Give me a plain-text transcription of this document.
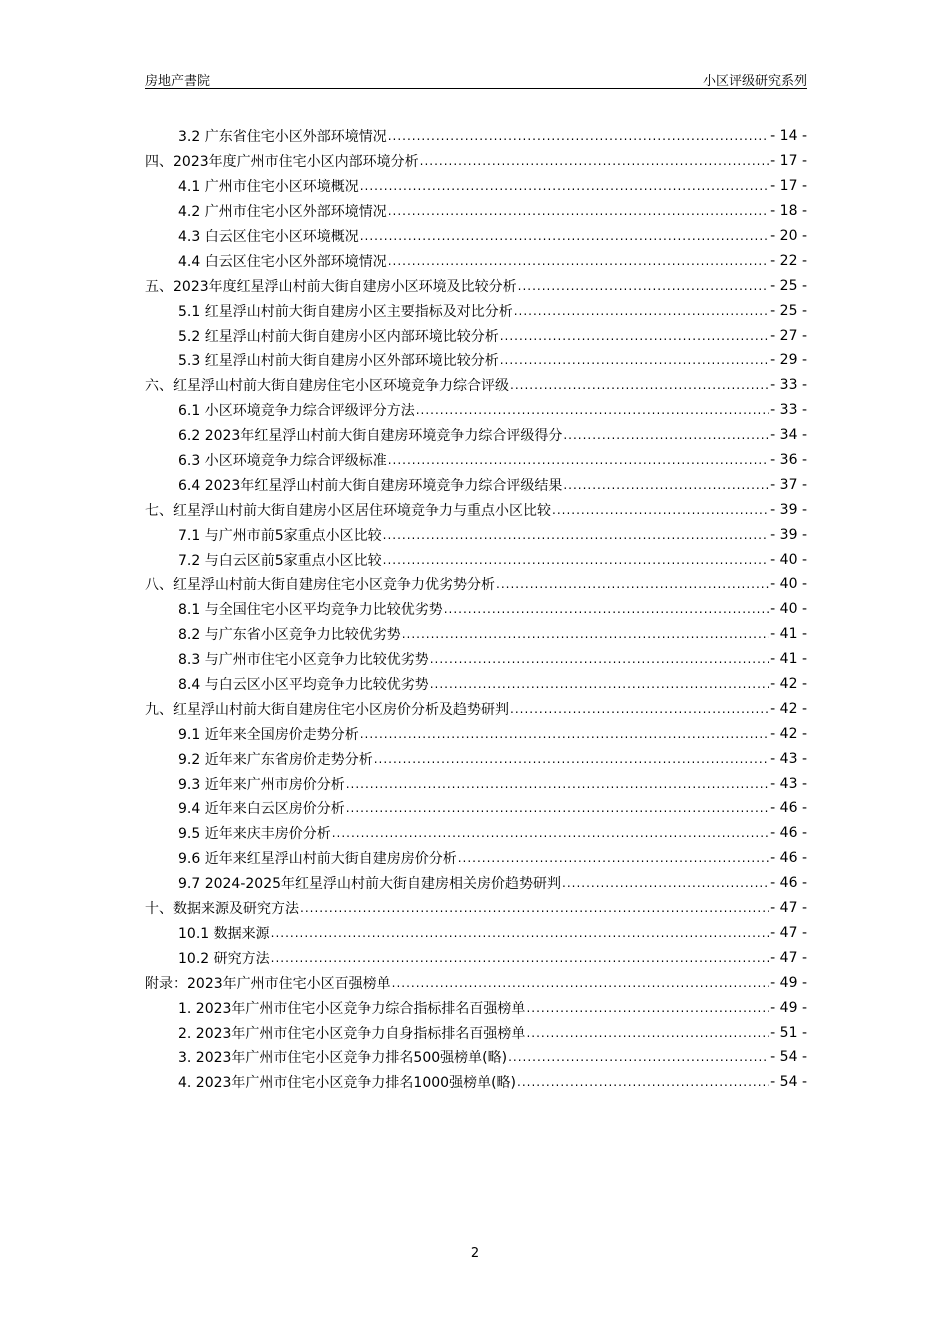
房地产書院	小区评级研究系列
3.2 广东省住宅小区外部环境情况 .....	- 14 -
四、2023年度广州市住宅小区内部环境分析 .....	- 17 -
4.1 广州市住宅小区环境概况 .....	- 17 -
4.2 广州市住宅小区外部环境情况 .....	- 18 -
4.3 白云区住宅小区环境概况 .....	- 20 -
4.4 白云区住宅小区外部环境情况 .....	- 22 -
五、2023年度红星浮山村前大街自建房小区环境及比较分析 .....	- 25 -
5.1 红星浮山村前大街自建房小区主要指标及对比分析 .....	- 25 -
5.2 红星浮山村前大街自建房小区内部环境比较分析 .....	- 27 -
5.3 红星浮山村前大街自建房小区外部环境比较分析 .....	- 29 -
六、红星浮山村前大街自建房住宅小区环境竞争力综合评级 .....	- 33 -
6.1 小区环境竞争力综合评级评分方法 .....	- 33 -
6.2 2023年红星浮山村前大街自建房环境竞争力综合评级得分 .....	- 34 -
6.3 小区环境竞争力综合评级标准 .....	- 36 -
6.4 2023年红星浮山村前大街自建房环境竞争力综合评级结果 .....	- 37 -
七、红星浮山村前大街自建房小区居住环境竞争力与重点小区比较 .....	- 39 -
7.1 与广州市前5家重点小区比较 .....	- 39 -
7.2 与白云区前5家重点小区比较 .....	- 40 -
八、红星浮山村前大街自建房住宅小区竞争力优劣势分析 .....	- 40 -
8.1 与全国住宅小区平均竞争力比较优劣势 .....	- 40 -
8.2 与广东省小区竞争力比较优劣势 .....	- 41 -
8.3 与广州市住宅小区竞争力比较优劣势 .....	- 41 -
8.4 与白云区小区平均竞争力比较优劣势 .....	- 42 -
九、红星浮山村前大街自建房住宅小区房价分析及趋势研判 .....	- 42 -
9.1 近年来全国房价走势分析 .....	- 42 -
9.2 近年来广东省房价走势分析 .....	- 43 -
9.3 近年来广州市房价分析 .....	- 43 -
9.4 近年来白云区房价分析 .....	- 46 -
9.5 近年来庆丰房价分析 .....	- 46 -
9.6 近年来红星浮山村前大街自建房房价分析 .....	- 46 -
9.7 2024-2025年红星浮山村前大街自建房相关房价趋势研判 .....	- 46 -
十、数据来源及研究方法 .....	- 47 -
10.1 数据来源 .....	- 47 -
10.2 研究方法 .....	- 47 -
附录：2023年广州市住宅小区百强榜单 .....	- 49 -
1. 2023年广州市住宅小区竞争力综合指标排名百强榜单 .....	- 49 -
2. 2023年广州市住宅小区竞争力自身指标排名百强榜单 .....	- 51 -
3. 2023年广州市住宅小区竞争力排名500强榜单(略) .....	- 54 -
4. 2023年广州市住宅小区竞争力排名1000强榜单(略) .....	- 54 -
2
